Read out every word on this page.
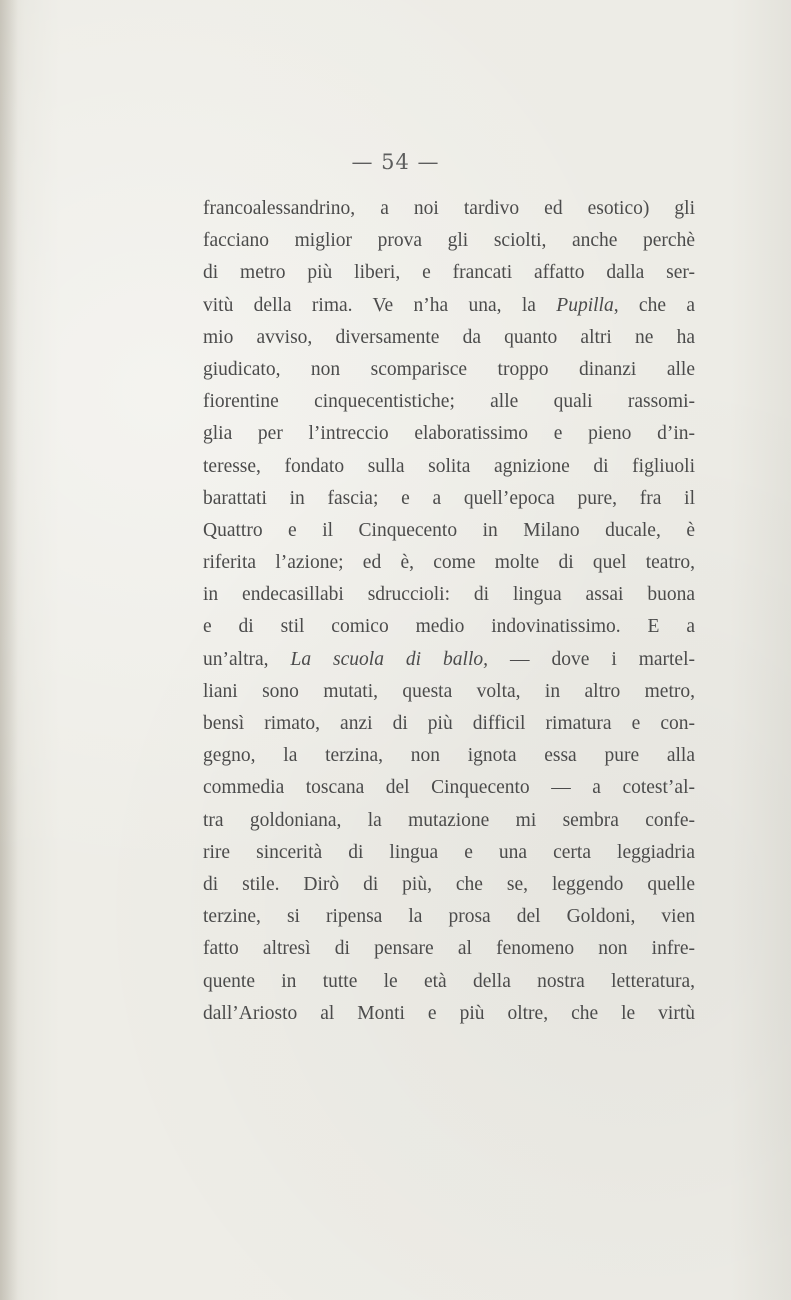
— 54 —
francoalessandrino, a noi tardivo ed esotico) gli
facciano miglior prova gli sciolti, anche perchè
di metro più liberi, e francati affatto dalla ser-
vitù della rima. Ve n’ha una, la Pupilla, che a
mio avviso, diversamente da quanto altri ne ha
giudicato, non scomparisce troppo dinanzi alle
fiorentine cinquecentistiche; alle quali rassomi-
glia per l’intreccio elaboratissimo e pieno d’in-
teresse, fondato sulla solita agnizione di figliuoli
barattati in fascia; e a quell’epoca pure, fra il
Quattro e il Cinquecento in Milano ducale, è
riferita l’azione; ed è, come molte di quel teatro,
in endecasillabi sdruccioli: di lingua assai buona
e di stil comico medio indovinatissimo. E a
un’altra, La scuola di ballo, — dove i martel-
liani sono mutati, questa volta, in altro metro,
bensì rimato, anzi di più difficil rimatura e con-
gegno, la terzina, non ignota essa pure alla
commedia toscana del Cinquecento — a cotest’al-
tra goldoniana, la mutazione mi sembra confe-
rire sincerità di lingua e una certa leggiadria
di stile. Dirò di più, che se, leggendo quelle
terzine, si ripensa la prosa del Goldoni, vien
fatto altresì di pensare al fenomeno non infre-
quente in tutte le età della nostra letteratura,
dall’Ariosto al Monti e più oltre, che le virtù
